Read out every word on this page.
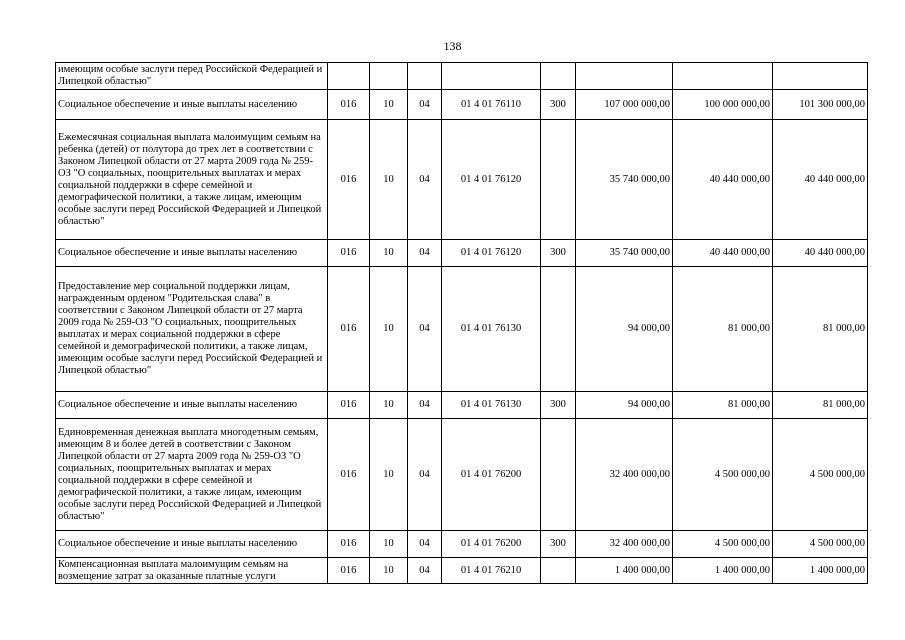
138
имеющим особые заслуги перед Российской Федерацией и Липецкой областью"								
Социальное обеспечение и иные выплаты населению	016	10	04	01 4 01 76110	300	107 000 000,00	100 000 000,00	101 300 000,00
Ежемесячная социальная выплата малоимущим семьям на ребенка (детей) от полутора до трех лет в соответствии с Законом Липецкой области от 27 марта 2009 года № 259-ОЗ "О социальных, поощрительных выплатах и мерах социальной поддержки в сфере семейной и демографической политики, а также лицам, имеющим особые заслуги перед Российской Федерацией и Липецкой областью"	016	10	04	01 4 01 76120		35 740 000,00	40 440 000,00	40 440 000,00
Социальное обеспечение и иные выплаты населению	016	10	04	01 4 01 76120	300	35 740 000,00	40 440 000,00	40 440 000,00
Предоставление мер социальной поддержки лицам, награжденным орденом "Родительская слава" в соответствии с Законом Липецкой области от 27 марта 2009 года № 259-ОЗ "О социальных, поощрительных выплатах и мерах социальной поддержки в сфере семейной и демографической политики, а также лицам, имеющим особые заслуги перед Российской Федерацией и Липецкой областью"	016	10	04	01 4 01 76130		94 000,00	81 000,00	81 000,00
Социальное обеспечение и иные выплаты населению	016	10	04	01 4 01 76130	300	94 000,00	81 000,00	81 000,00
Единовременная денежная выплата многодетным семьям, имеющим 8 и более детей в соответствии с Законом Липецкой области от 27 марта 2009 года № 259-ОЗ "О социальных, поощрительных выплатах и мерах социальной поддержки в сфере семейной и демографической политики, а также лицам, имеющим особые заслуги перед Российской Федерацией и Липецкой областью"	016	10	04	01 4 01 76200		32 400 000,00	4 500 000,00	4 500 000,00
Социальное обеспечение и иные выплаты населению	016	10	04	01 4 01 76200	300	32 400 000,00	4 500 000,00	4 500 000,00
Компенсационная выплата малоимущим семьям на возмещение затрат за оказанные платные услуги	016	10	04	01 4 01 76210		1 400 000,00	1 400 000,00	1 400 000,00
